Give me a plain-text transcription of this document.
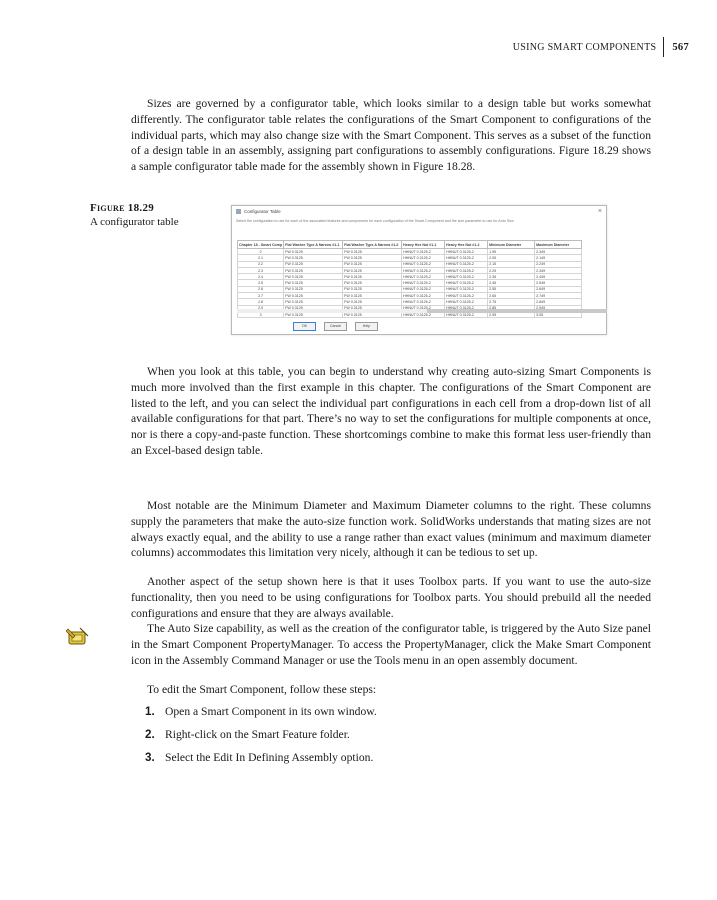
USING SMART COMPONENTS	567

Sizes are governed by a configurator table, which looks similar to a design table but works somewhat differently. The configurator table relates the configurations of the Smart Component to configurations of the individual parts, which may also change size with the Smart Component. This serves as a subset of the function of a design table in an assembly, assigning part configurations to assembly configurations. Figure 18.29 shows a sample configurator table made for the assembly shown in Figure 18.28.

Figure 18.29
A configurator table
Configurator Table	×
Select the configuration to use for each of the associated features and components for each configuration of the Smart Component and the size parameter to use for Auto Size.
Chapter 18 - Smart Comp	Flat Washer Type A Narrow #1-1	Flat Washer Type A Narrow #1-2	Heavy Hex Nut #1-1	Heavy Hex Nut #1-2	Minimum Diameter	Maximum Diameter
2	FW 0.3125	FW 0.3125	HHNUT 0.3125-2	HHNUT 0.3125-2	1.95	2.349
2.1	FW 0.3125	FW 0.3125	HHNUT 0.3125-2	HHNUT 0.3125-2	2.05	2.149
2.2	FW 0.3125	FW 0.3125	HHNUT 0.3125-2	HHNUT 0.3125-2	2.15	2.249
2.3	FW 0.3125	FW 0.3125	HHNUT 0.3125-2	HHNUT 0.3125-2	2.25	2.349
2.4	FW 0.3125	FW 0.3125	HHNUT 0.3125-2	HHNUT 0.3125-2	2.35	2.449
2.5	FW 0.3125	FW 0.3125	HHNUT 0.3125-2	HHNUT 0.3125-2	2.45	2.549
2.6	FW 0.3125	FW 0.3125	HHNUT 0.3125-2	HHNUT 0.3125-2	2.55	2.649
2.7	FW 0.3125	FW 0.3125	HHNUT 0.3125-2	HHNUT 0.3125-2	2.65	2.749
2.8	FW 0.3125	FW 0.3125	HHNUT 0.3125-2	HHNUT 0.3125-2	2.75	2.849

3	FW 0.3125	FW 0.3125	HHNUT 0.3125-2	HHNUT 0.3125-2	2.95	3.05
OK	Cancel	Help

When you look at this table, you can begin to understand why creating auto-sizing Smart Components is much more involved than the first example in this chapter. The configurations of the Smart Component are listed to the left, and you can select the individual part configurations in each cell from a drop-down list of all available configurations for that part. There’s no way to set the configurations for multiple components at once, nor is there a copy-and-paste function. These shortcomings combine to make this format less user-friendly than an Excel-based design table.

Most notable are the Minimum Diameter and Maximum Diameter columns to the right. These columns supply the parameters that make the auto-size function work. SolidWorks understands that mating sizes are not always exactly equal, and the ability to use a range rather than exact values (minimum and maximum diameter columns) accommodates this limitation very nicely, although it can be tedious to set up.

Another aspect of the setup shown here is that it uses Toolbox parts. If you want to use the auto-size functionality, then you need to be using configurations for Toolbox parts. You should prebuild all the needed configurations and ensure that they are always available.

The Auto Size capability, as well as the creation of the configurator table, is triggered by the Auto Size panel in the Smart Component PropertyManager. To access the PropertyManager, click the Make Smart Component icon in the Assembly Command Manager or use the Tools menu in an open assembly document.

To edit the Smart Component, follow these steps:

1. Open a Smart Component in its own window.
2. Right-click on the Smart Feature folder.
3. Select the Edit In Defining Assembly option.
